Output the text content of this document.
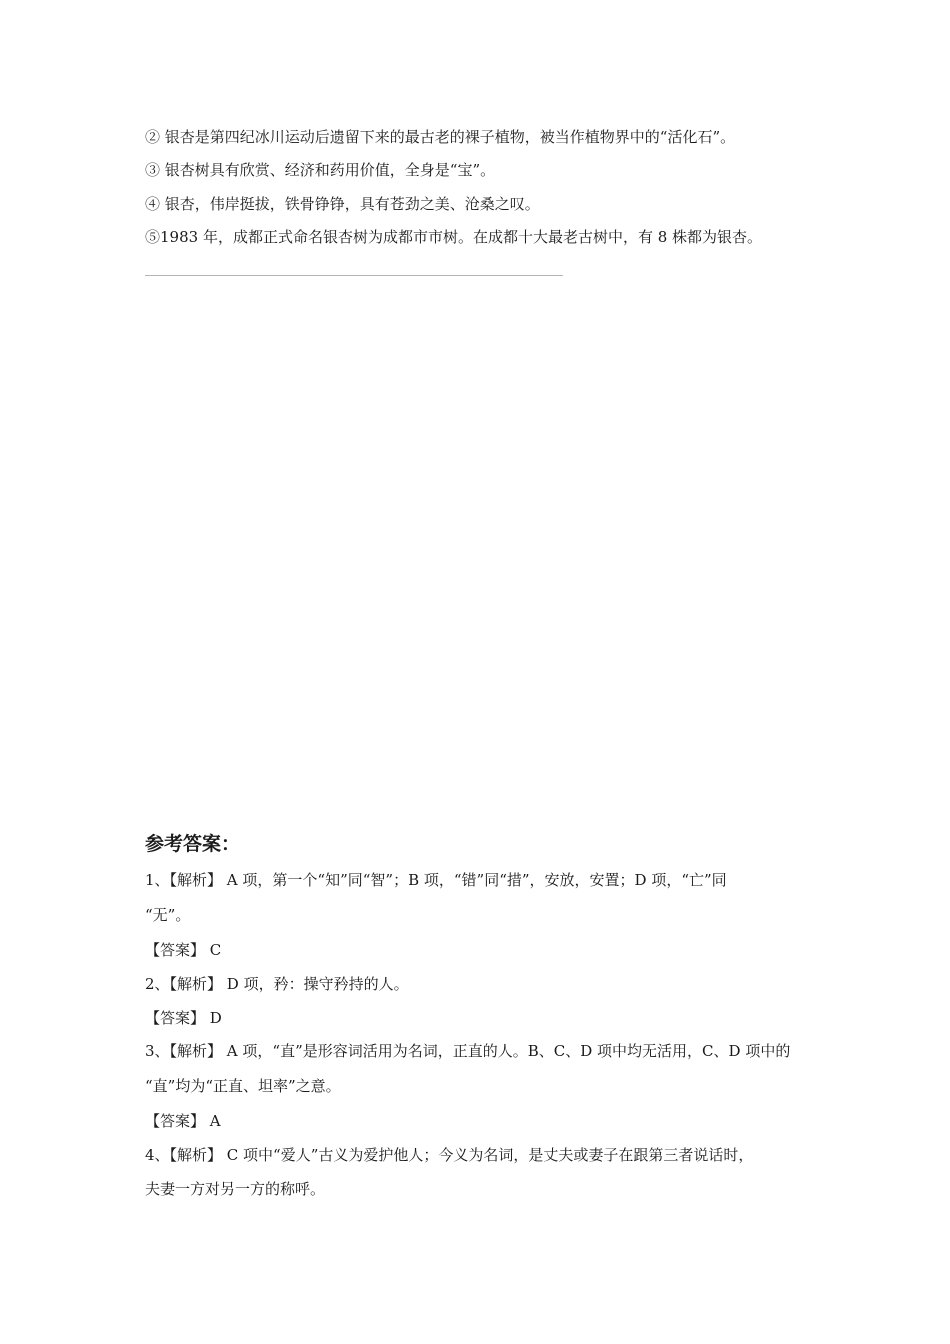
② 银杏是第四纪冰川运动后遗留下来的最古老的裸子植物，被当作植物界中的“活化石”。
③ 银杏树具有欣赏、经济和药用价值，全身是“宝”。
④ 银杏，伟岸挺拔，铁骨铮铮，具有苍劲之美、沧桑之叹。
⑤1983 年，成都正式命名银杏树为成都市市树。在成都十大最老古树中，有 8 株都为银杏。
参考答案：
1、【解析】 A 项，第一个“知”同“智”；B 项，“错”同“措”，安放，安置；D 项，“亡”同
“无”。
【答案】 C
2、【解析】 D 项，矜：操守矜持的人。
【答案】 D
3、【解析】 A 项，“直”是形容词活用为名词，正直的人。B、C、D 项中均无活用，C、D 项中的
“直”均为“正直、坦率”之意。
【答案】 A
4、【解析】 C 项中“爱人”古义为爱护他人；今义为名词，是丈夫或妻子在跟第三者说话时，
夫妻一方对另一方的称呼。
